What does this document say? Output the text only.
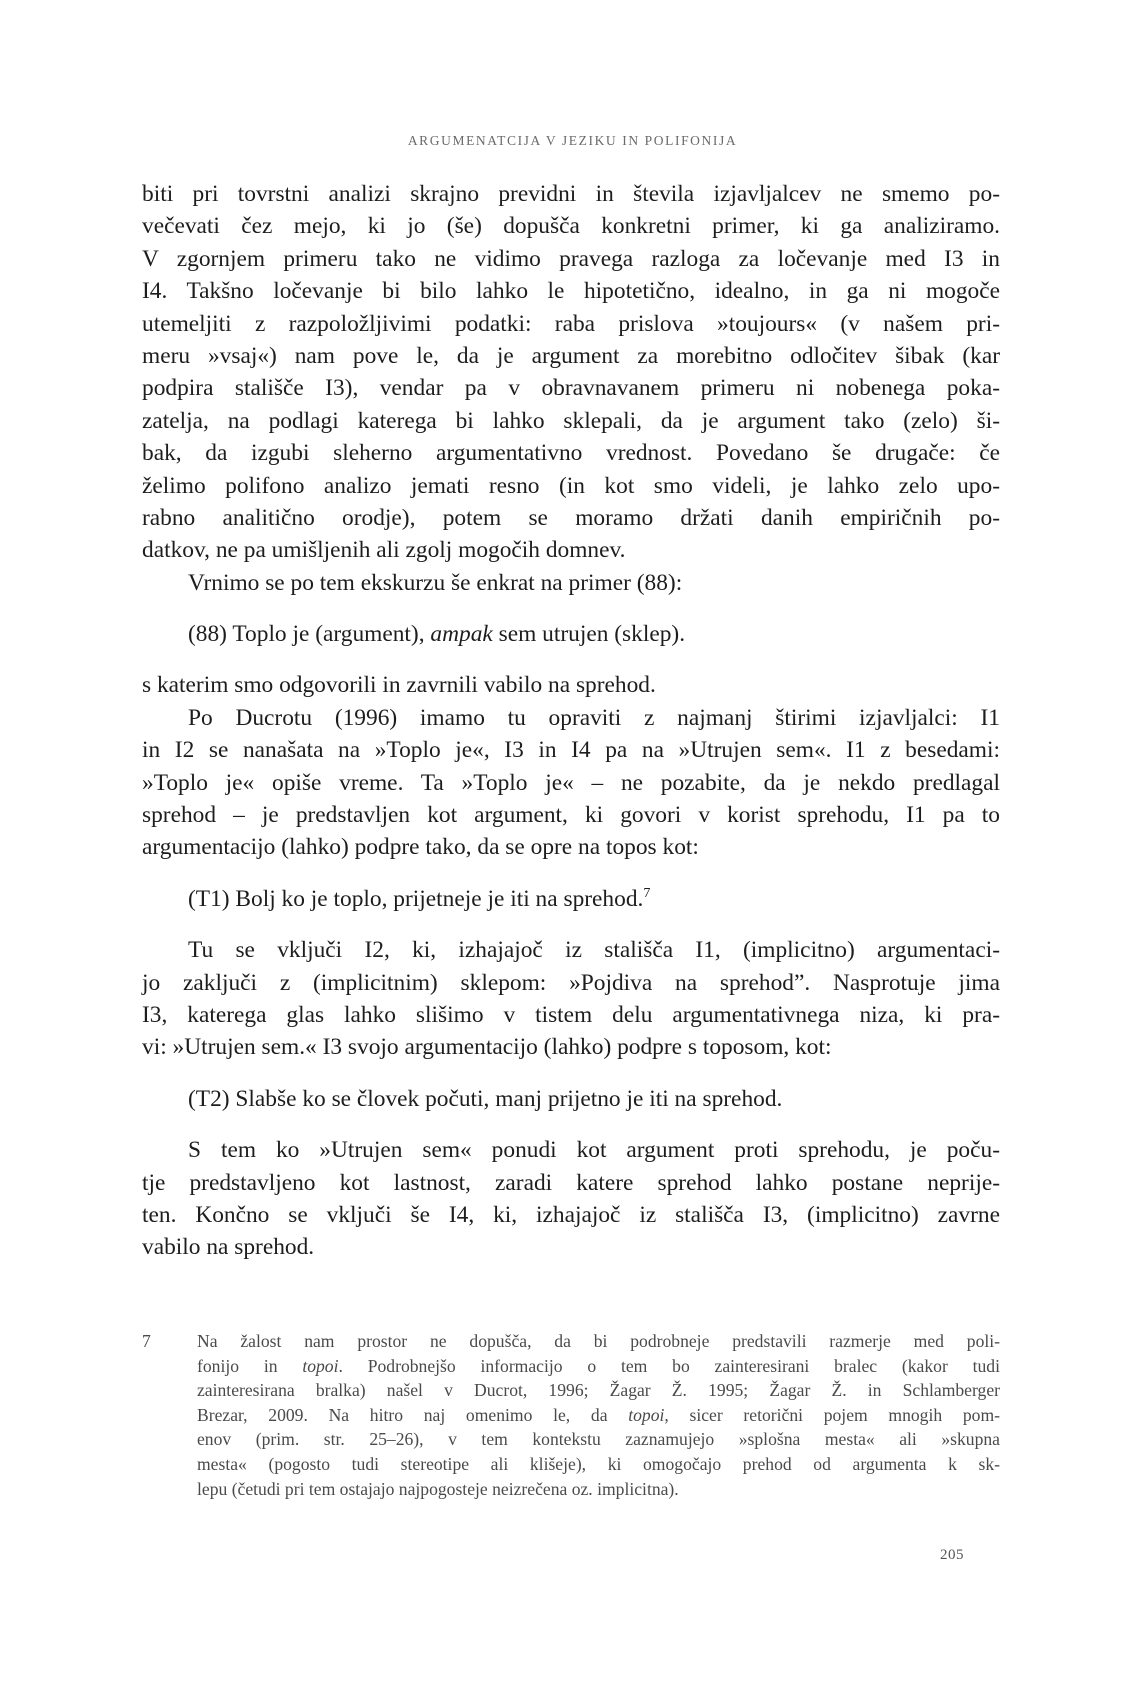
ARGUMENATCIJA V JEZIKU IN POLIFONIJA
biti pri tovrstni analizi skrajno previdni in števila izjavljalcev ne smemo po-
večevati čez mejo, ki jo (še) dopušča konkretni primer, ki ga analiziramo.
V zgornjem primeru tako ne vidimo pravega razloga za ločevanje med I3 in
I4. Takšno ločevanje bi bilo lahko le hipotetično, idealno, in ga ni mogoče
utemeljiti z razpoložljivimi podatki: raba prislova »toujours« (v našem pri-
meru »vsaj«) nam pove le, da je argument za morebitno odločitev šibak (kar
podpira stališče I3), vendar pa v obravnavanem primeru ni nobenega poka-
zatelja, na podlagi katerega bi lahko sklepali, da je argument tako (zelo) ši-
bak, da izgubi sleherno argumentativno vrednost. Povedano še drugače: če
želimo polifono analizo jemati resno (in kot smo videli, je lahko zelo upo-
rabno analitično orodje), potem se moramo držati danih empiričnih po-
datkov, ne pa umišljenih ali zgolj mogočih domnev.
Vrnimo se po tem ekskurzu še enkrat na primer (88):
(88) Toplo je (argument), ampak sem utrujen (sklep).
s katerim smo odgovorili in zavrnili vabilo na sprehod.
Po Ducrotu (1996) imamo tu opraviti z najmanj štirimi izjavljalci: I1
in I2 se nanašata na »Toplo je«, I3 in I4 pa na »Utrujen sem«. I1 z besedami:
»Toplo je« opiše vreme. Ta »Toplo je« – ne pozabite, da je nekdo predlagal
sprehod – je predstavljen kot argument, ki govori v korist sprehodu, I1 pa to
argumentacijo (lahko) podpre tako, da se opre na topos kot:
(T1) Bolj ko je toplo, prijetneje je iti na sprehod.$^7$
Tu se vključi I2, ki, izhajajoč iz stališča I1, (implicitno) argumentaci-
jo zaključi z (implicitnim) sklepom: »Pojdiva na sprehod”. Nasprotuje jima
I3, katerega glas lahko slišimo v tistem delu argumentativnega niza, ki pra-
vi: »Utrujen sem.« I3 svojo argumentacijo (lahko) podpre s toposom, kot:
(T2) Slabše ko se človek počuti, manj prijetno je iti na sprehod.
S tem ko »Utrujen sem« ponudi kot argument proti sprehodu, je poču-
tje predstavljeno kot lastnost, zaradi katere sprehod lahko postane neprije-
ten. Končno se vključi še I4, ki, izhajajoč iz stališča I3, (implicitno) zavrne
vabilo na sprehod.
7	Na žalost nam prostor ne dopušča, da bi podrobneje predstavili razmerje med poli-
fonijo in topoi. Podrobnejšo informacijo o tem bo zainteresirani bralec (kakor tudi
zainteresirana bralka) našel v Ducrot, 1996; Žagar Ž. 1995; Žagar Ž. in Schlamberger
Brezar, 2009. Na hitro naj omenimo le, da topoi, sicer retorični pojem mnogih pom-
enov (prim. str. 25–26), v tem kontekstu zaznamujejo »splošna mesta« ali »skupna
mesta« (pogosto tudi stereotipe ali klišeje), ki omogočajo prehod od argumenta k sk-
lepu (četudi pri tem ostajajo najpogosteje neizrečena oz. implicitna).
205
